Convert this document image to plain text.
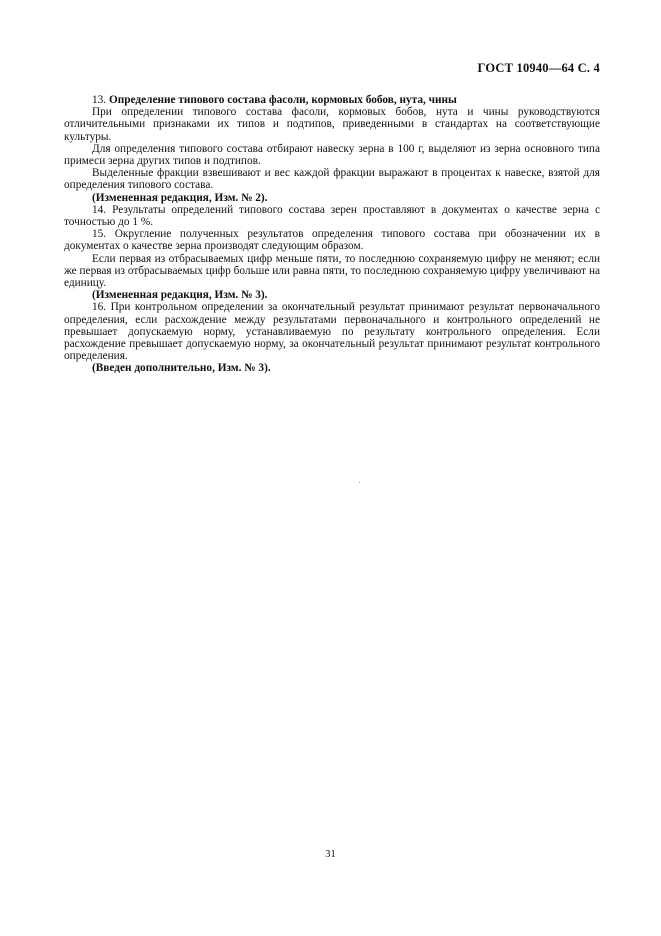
ГОСТ 10940—64 С. 4

13. Определение типового состава фасоли, кормовых бобов, нута, чины

При определении типового состава фасоли, кормовых бобов, нута и чины руководствуются отличительными признаками их типов и подтипов, приведенными в стандартах на соответствующие культуры.

Для определения типового состава отбирают навеску зерна в 100 г, выделяют из зерна основного типа примеси зерна других типов и подтипов.

Выделенные фракции взвешивают и вес каждой фракции выражают в процентах к навеске, взятой для определения типового состава.

(Измененная редакция, Изм. № 2).

14. Результаты определений типового состава зерен проставляют в документах о качестве зерна с точностью до 1 %.

15. Округление полученных результатов определения типового состава при обозначении их в документах о качестве зерна производят следующим образом.

Если первая из отбрасываемых цифр меньше пяти, то последнюю сохраняемую цифру не меняют; если же первая из отбрасываемых цифр больше или равна пяти, то последнюю сохраняемую цифру увеличивают на единицу.

(Измененная редакция, Изм. № 3).

16. При контрольном определении за окончательный результат принимают результат первоначального определения, если расхождение между результатами первоначального и контрольного определений не превышает допускаемую норму, устанавливаемую по результату контрольного определения. Если расхождение превышает допускаемую норму, за окончательный результат принимают результат контрольного определения.

(Введен дополнительно, Изм. № 3).

31
